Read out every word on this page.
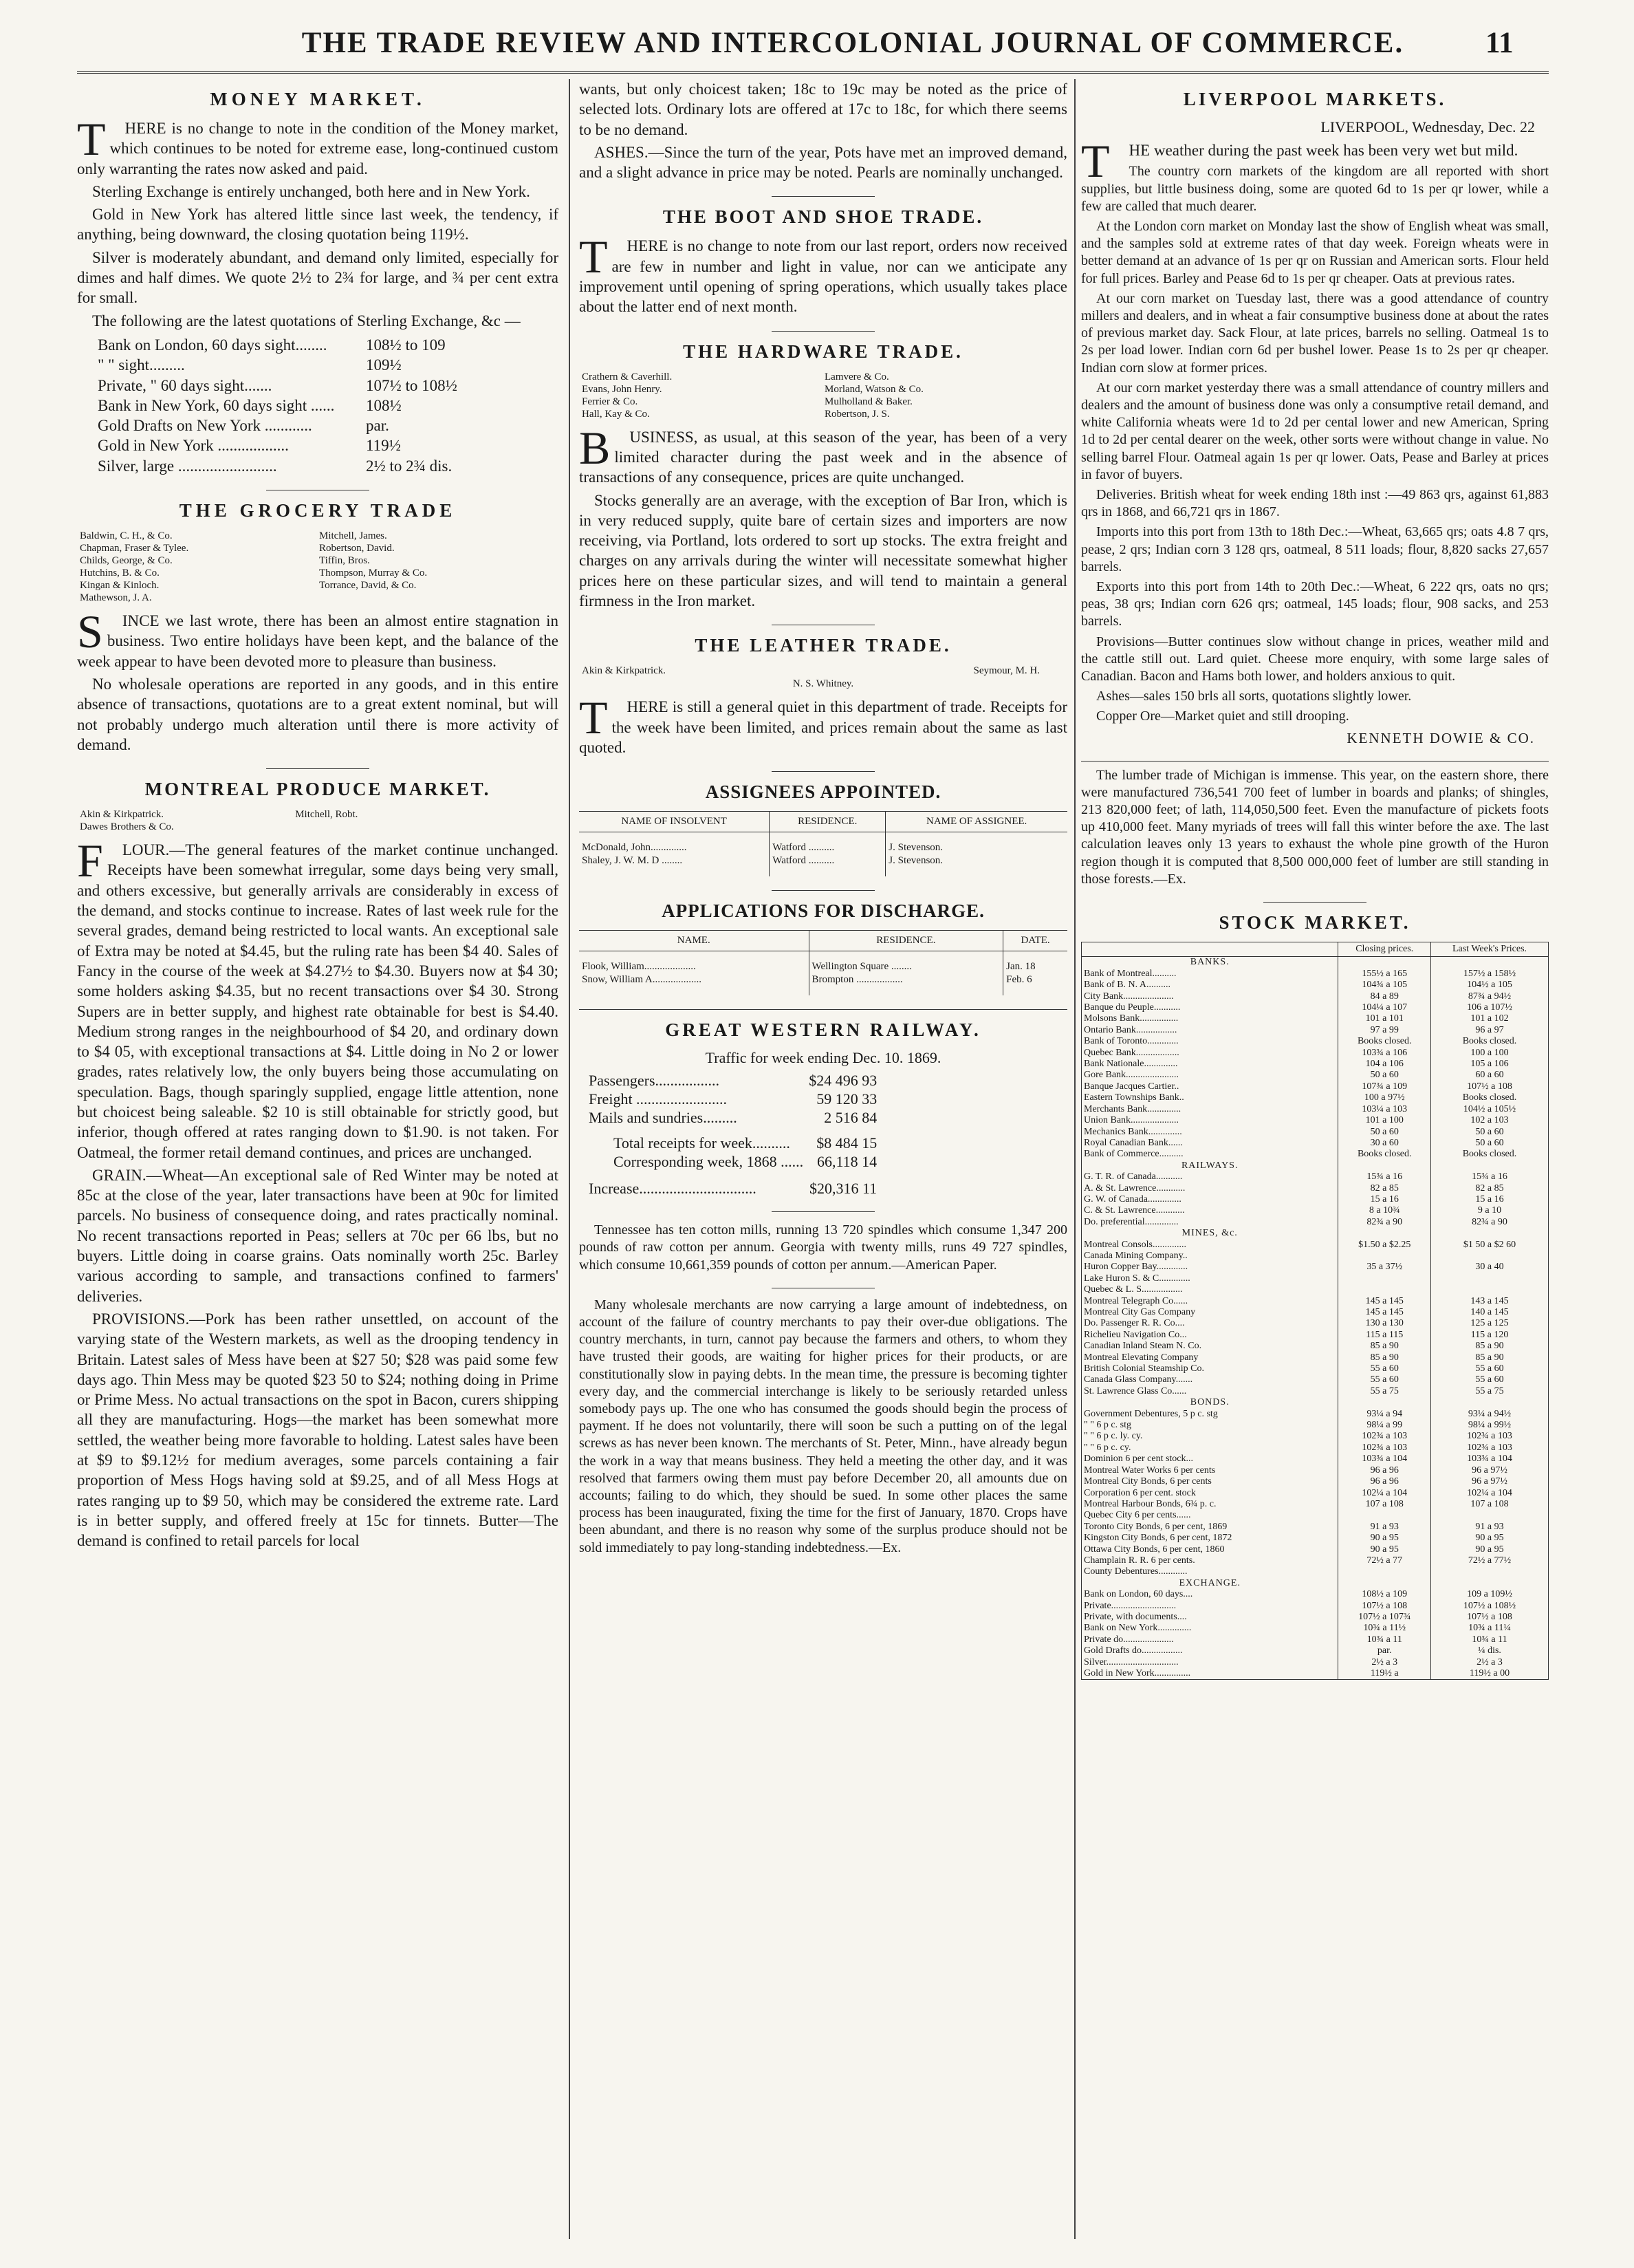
THE TRADE REVIEW AND INTERCOLONIAL JOURNAL OF COMMERCE.	11
MONEY MARKET.

THERE is no change to note in the condition of the Money market, which continues to be noted for extreme ease, long-continued custom only warranting the rates now asked and paid.

Sterling Exchange is entirely unchanged, both here and in New York.

Gold in New York has altered little since last week, the tendency, if anything, being downward, the closing quotation being 119½.

Silver is moderately abundant, and demand only limited, especially for dimes and half dimes. We quote 2½ to 2¾ for large, and ¾ per cent extra for small.

The following are the latest quotations of Sterling Exchange, &c —

Bank on London, 60 days sight........	108½ to 109
" " sight.........	109½
Private, " 60 days sight.......	107½ to 108½
Bank in New York, 60 days sight ......	108½
Gold Drafts on New York ............	par.
Gold in New York ..................	119½
Silver, large .........................	2½ to 2¾ dis.
THE GROCERY TRADE
Baldwin, C. H., & Co.
Chapman, Fraser & Tylee.
Childs, George, & Co.
Hutchins, B. & Co.
Kingan & Kinloch.
Mathewson, J. A.
Mitchell, James.
Robertson, David.
Tiffin, Bros.
Thompson, Murray & Co.
Torrance, David, & Co.

SINCE we last wrote, there has been an almost entire stagnation in business. Two entire holidays have been kept, and the balance of the week appear to have been devoted more to pleasure than business.

No wholesale operations are reported in any goods, and in this entire absence of transactions, quotations are to a great extent nominal, but will not probably undergo much alteration until there is more activity of demand.

MONTREAL PRODUCE MARKET.
Akin & Kirkpatrick.
Dawes Brothers & Co.
Mitchell, Robt.

FLOUR.—The general features of the market continue unchanged. Receipts have been somewhat irregular, some days being very small, and others excessive, but generally arrivals are considerably in excess of the demand, and stocks continue to increase. Rates of last week rule for the several grades, demand being restricted to local wants. An exceptional sale of Extra may be noted at $4.45, but the ruling rate has been $4 40. Sales of Fancy in the course of the week at $4.27½ to $4.30. Buyers now at $4 30; some holders asking $4.35, but no recent transactions over $4 30. Strong Supers are in better supply, and highest rate obtainable for best is $4.40. Medium strong ranges in the neighbourhood of $4 20, and ordinary down to $4 05, with exceptional transactions at $4. Little doing in No 2 or lower grades, rates relatively low, the only buyers being those accumulating on speculation. Bags, though sparingly supplied, engage little attention, none but choicest being saleable. $2 10 is still obtainable for strictly good, but inferior, though offered at rates ranging down to $1.90. is not taken. For Oatmeal, the former retail demand continues, and prices are unchanged.

GRAIN.—Wheat—An exceptional sale of Red Winter may be noted at 85c at the close of the year, later transactions have been at 90c for limited parcels. No business of consequence doing, and rates practically nominal. No recent transactions reported in Peas; sellers at 70c per 66 lbs, but no buyers. Little doing in coarse grains. Oats nominally worth 25c. Barley various according to sample, and transactions confined to farmers' deliveries.

PROVISIONS.—Pork has been rather unsettled, on account of the varying state of the Western markets, as well as the drooping tendency in Britain. Latest sales of Mess have been at $27 50; $28 was paid some few days ago. Thin Mess may be quoted $23 50 to $24; nothing doing in Prime or Prime Mess. No actual transactions on the spot in Bacon, curers shipping all they are manufacturing. Hogs—the market has been somewhat more settled, the weather being more favorable to holding. Latest sales have been at $9 to $9.12½ for medium averages, some parcels containing a fair proportion of Mess Hogs having sold at $9.25, and of all Mess Hogs at rates ranging up to $9 50, which may be considered the extreme rate. Lard is in better supply, and offered freely at 15c for tinnets. Butter—The demand is confined to retail parcels for local

wants, but only choicest taken; 18c to 19c may be noted as the price of selected lots. Ordinary lots are offered at 17c to 18c, for which there seems to be no demand.

ASHES.—Since the turn of the year, Pots have met an improved demand, and a slight advance in price may be noted. Pearls are nominally unchanged.

THE BOOT AND SHOE TRADE.

THERE is no change to note from our last report, orders now received are few in number and light in value, nor can we anticipate any improvement until opening of spring operations, which usually takes place about the latter end of next month.

THE HARDWARE TRADE.
Crathern & Caverhill.
Evans, John Henry.
Ferrier & Co.
Hall, Kay & Co.
Lamvere & Co.
Morland, Watson & Co.
Mulholland & Baker.
Robertson, J. S.

BUSINESS, as usual, at this season of the year, has been of a very limited character during the past week and in the absence of transactions of any consequence, prices are quite unchanged.

Stocks generally are an average, with the exception of Bar Iron, which is in very reduced supply, quite bare of certain sizes and importers are now receiving, via Portland, lots ordered to sort up stocks. The extra freight and charges on any arrivals during the winter will necessitate somewhat higher prices here on these particular sizes, and will tend to maintain a general firmness in the Iron market.

THE LEATHER TRADE.
Akin & Kirkpatrick.	Seymour, M. H.
N. S. Whitney.

THERE is still a general quiet in this department of trade. Receipts for the week have been limited, and prices remain about the same as last quoted.

ASSIGNEES APPOINTED.
NAME OF INSOLVENT	RESIDENCE.	NAME OF ASSIGNEE.
McDonald, John..............	Watford ..........	J. Stevenson.
Shaley, J. W. M. D ........	Watford ..........	J. Stevenson.
APPLICATIONS FOR DISCHARGE.
NAME.	RESIDENCE.	DATE.
Flook, William....................	Wellington Square ........	Jan. 18
Snow, William A...................	Brompton ..................	Feb. 6
GREAT WESTERN RAILWAY.
Traffic for week ending Dec. 10. 1869.
Passengers.................	$24 496 93
Freight ........................	59 120 33
Mails and sundries.........	2 516 84
Total receipts for week..........	$8 484 15
Corresponding week, 1868 ......	66,118 14
Increase...............................	$20,316 11

Tennessee has ten cotton mills, running 13 720 spindles which consume 1,347 200 pounds of raw cotton per annum. Georgia with twenty mills, runs 49 727 spindles, which consume 10,661,359 pounds of cotton per annum.—American Paper.

Many wholesale merchants are now carrying a large amount of indebtedness, on account of the failure of country merchants to pay their over-due obligations. The country merchants, in turn, cannot pay because the farmers and others, to whom they have trusted their goods, are waiting for higher prices for their products, or are constitutionally slow in paying debts. In the mean time, the pressure is becoming tighter every day, and the commercial interchange is likely to be seriously retarded unless somebody pays up. The one who has consumed the goods should begin the process of payment. If he does not voluntarily, there will soon be such a putting on of the legal screws as has never been known. The merchants of St. Peter, Minn., have already begun the work in a way that means business. They held a meeting the other day, and it was resolved that farmers owing them must pay before December 20, all amounts due on accounts; failing to do which, they should be sued. In some other places the same process has been inaugurated, fixing the time for the first of January, 1870. Crops have been abundant, and there is no reason why some of the surplus produce should not be sold immediately to pay long-standing indebtedness.—Ex.

LIVERPOOL MARKETS.
LIVERPOOL, Wednesday, Dec. 22

THE weather during the past week has been very wet but mild.

The country corn markets of the kingdom are all reported with short supplies, but little business doing, some are quoted 6d to 1s per qr lower, while a few are called that much dearer.

At the London corn market on Monday last the show of English wheat was small, and the samples sold at extreme rates of that day week. Foreign wheats were in better demand at an advance of 1s per qr on Russian and American sorts. Flour held for full prices. Barley and Pease 6d to 1s per qr cheaper. Oats at previous rates.

At our corn market on Tuesday last, there was a good attendance of country millers and dealers, and in wheat a fair consumptive business done at about the rates of previous market day. Sack Flour, at late prices, barrels no selling. Oatmeal 1s to 2s per load lower. Indian corn 6d per bushel lower. Pease 1s to 2s per qr cheaper. Indian corn slow at former prices.

At our corn market yesterday there was a small attendance of country millers and dealers and the amount of business done was only a consumptive retail demand, and white California wheats were 1d to 2d per cental lower and new American, Spring 1d to 2d per cental dearer on the week, other sorts were without change in value. No selling barrel Flour. Oatmeal again 1s per qr lower. Oats, Pease and Barley at prices in favor of buyers.

Deliveries. British wheat for week ending 18th inst :—49 863 qrs, against 61,883 qrs in 1868, and 66,721 qrs in 1867.

Imports into this port from 13th to 18th Dec.:—Wheat, 63,665 qrs; oats 4.8 7 qrs, pease, 2 qrs; Indian corn 3 128 qrs, oatmeal, 8 511 loads; flour, 8,820 sacks 27,657 barrels.

Exports into this port from 14th to 20th Dec.:—Wheat, 6 222 qrs, oats no qrs; peas, 38 qrs; Indian corn 626 qrs; oatmeal, 145 loads; flour, 908 sacks, and 253 barrels.

Provisions—Butter continues slow without change in prices, weather mild and the cattle still out. Lard quiet. Cheese more enquiry, with some large sales of Canadian. Bacon and Hams both lower, and holders anxious to quit.

Ashes—sales 150 brls all sorts, quotations slightly lower.

Copper Ore—Market quiet and still drooping.

KENNETH DOWIE & CO.

The lumber trade of Michigan is immense. This year, on the eastern shore, there were manufactured 736,541 700 feet of lumber in boards and planks; of shingles, 213 820,000 feet; of lath, 114,050,500 feet. Even the manufacture of pickets foots up 410,000 feet. Many myriads of trees will fall this winter before the axe. The last calculation leaves only 13 years to exhaust the whole pine growth of the Huron region though it is computed that 8,500 000,000 feet of lumber are still standing in those forests.—Ex.

STOCK MARKET.
	Closing prices.	Last Week's Prices.
BANKS.		
Bank of Montreal..........	155½ a 165	157½ a 158½
Bank of B. N. A..........	104¾ a 105	104½ a 105
City Bank.....................	84 a 89	87¾ a 94½
Banque du Peuple...........	104¼ a 107	106 a 107½
Molsons Bank................	101 a 101	101 a 102
Ontario Bank.................	97 a 99	96 a 97
Bank of Toronto.............	Books closed.	Books closed.
Quebec Bank..................	103¾ a 106	100 a 100
Bank Nationale..............	104 a 106	105 a 106
Gore Bank......................	50 a 60	60 a 60
Banque Jacques Cartier..	107¾ a 109	107½ a 108
Eastern Townships Bank..	100 a 97½	Books closed.
Merchants Bank..............	103¼ a 103	104½ a 105½
Union Bank....................	101 a 100	102 a 103
Mechanics Bank..............	50 a 60	50 a 60
Royal Canadian Bank......	30 a 60	50 a 60
Bank of Commerce..........	Books closed.	Books closed.
RAILWAYS.		
G. T. R. of Canada...........	15¾ a 16	15¾ a 16
A. & St. Lawrence............	82 a 85	82 a 85
G. W. of Canada..............	15 a 16	15 a 16
C. & St. Lawrence............	8 a 10¾	9 a 10
Do. preferential..............	82¾ a 90	82¾ a 90
MINES, &c.		
Montreal Consols..............	$1.50 a $2.25	$1 50 a $2 60
Canada Mining Company..		
Huron Copper Bay.............	35 a 37½	30 a 40
Lake Huron S. & C.............		
Quebec & L. S.................		
Montreal Telegraph Co......	145 a 145	143 a 145
Montreal City Gas Company	145 a 145	140 a 145
Do. Passenger R. R. Co....	130 a 130	125 a 125
Richelieu Navigation Co...	115 a 115	115 a 120
Canadian Inland Steam N. Co.	85 a 90	85 a 90
Montreal Elevating Company	85 a 90	85 a 90
British Colonial Steamship Co.	55 a 60	55 a 60
Canada Glass Company.......	55 a 60	55 a 60
St. Lawrence Glass Co......	55 a 75	55 a 75
BONDS.		
Government Debentures, 5 p c. stg	93¼ a 94	93¼ a 94½
" " 6 p c. stg	98¼ a 99	98¼ a 99½
" " 6 p c. ly. cy.	102¾ a 103	102¾ a 103
" " 6 p c. cy.	102¾ a 103	102¾ a 103
Dominion 6 per cent stock...	103¾ a 104	103¾ a 104
Montreal Water Works 6 per cents	96 a 96	96 a 97½
Montreal City Bonds, 6 per cents	96 a 96	96 a 97½
Corporation 6 per cent. stock	102¼ a 104	102¼ a 104
Montreal Harbour Bonds, 6¾ p. c.	107 a 108	107 a 108
Quebec City 6 per cents......		
Toronto City Bonds, 6 per cent, 1869	91 a 93	91 a 93
Kingston City Bonds, 6 per cent, 1872	90 a 95	90 a 95
Ottawa City Bonds, 6 per cent, 1860	90 a 95	90 a 95
Champlain R. R. 6 per cents.	72½ a 77	72½ a 77½
County Debentures............		
EXCHANGE.		
Bank on London, 60 days....	108½ a 109	109 a 109½
Private...........................	107½ a 108	107½ a 108½
Private, with documents....	107½ a 107¾	107½ a 108
Bank on New York..............	10¾ a 11½	10¾ a 11¼
Private do.....................	10¾ a 11	10¾ a 11
Gold Drafts do.................	par.	¼ dis.
Silver..............................	2½ a 3	2½ a 3
Gold in New York...............	119½ a	119½ a 00
